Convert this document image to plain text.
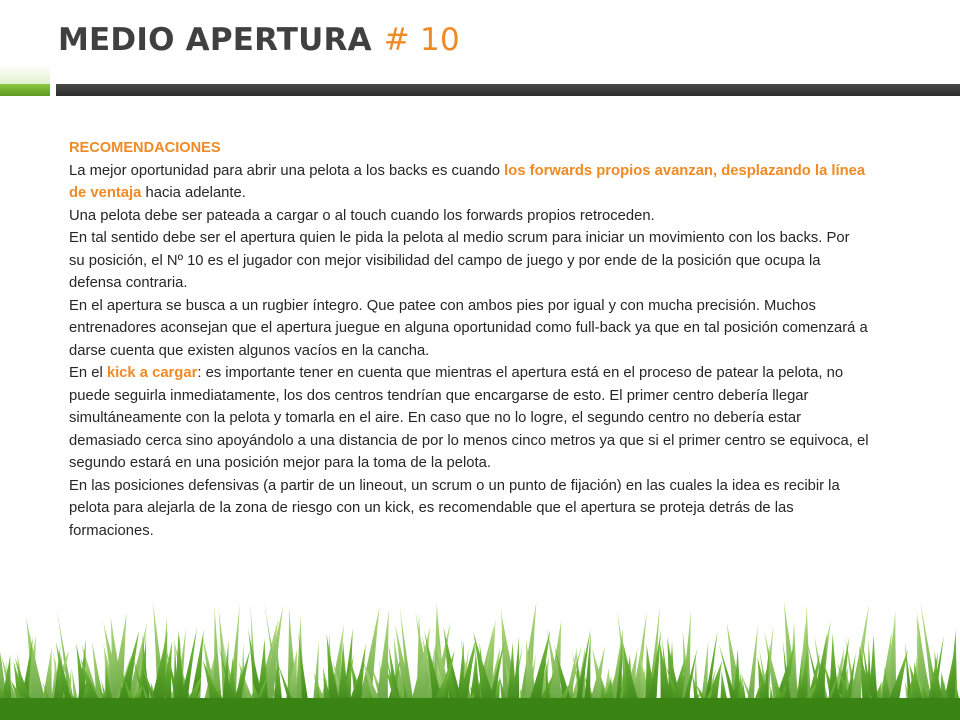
MEDIO APERTURA # 10

RECOMENDACIONES

La mejor oportunidad para abrir una pelota a los backs es cuando los forwards propios avanzan, desplazando la línea de ventaja hacia adelante.

Una pelota debe ser pateada a cargar o al touch cuando los forwards propios retroceden.

En tal sentido debe ser el apertura quien le pida la pelota al medio scrum para iniciar un movimiento con los backs. Por su posición, el Nº 10 es el jugador con mejor visibilidad del campo de juego y por ende de la posición que ocupa la defensa contraria.

En el apertura se busca a un rugbier íntegro. Que patee con ambos pies por igual y con mucha precisión. Muchos entrenadores aconsejan que el apertura juegue en alguna oportunidad como full-back ya que en tal posición comenzará a darse cuenta que existen algunos vacíos en la cancha.

En el kick a cargar: es importante tener en cuenta que mientras el apertura está en el proceso de patear la pelota, no puede seguirla inmediatamente, los dos centros tendrían que encargarse de esto. El primer centro debería llegar simultáneamente con la pelota y tomarla en el aire. En caso que no lo logre, el segundo centro no debería estar demasiado cerca sino apoyándolo a una distancia de por lo menos cinco metros ya que si el primer centro se equivoca, el segundo estará en una posición mejor para la toma de la pelota.

En las posiciones defensivas (a partir de un lineout, un scrum o un punto de fijación) en las cuales la idea es recibir la pelota para alejarla de la zona de riesgo con un kick, es recomendable que el apertura se proteja detrás de las formaciones.
